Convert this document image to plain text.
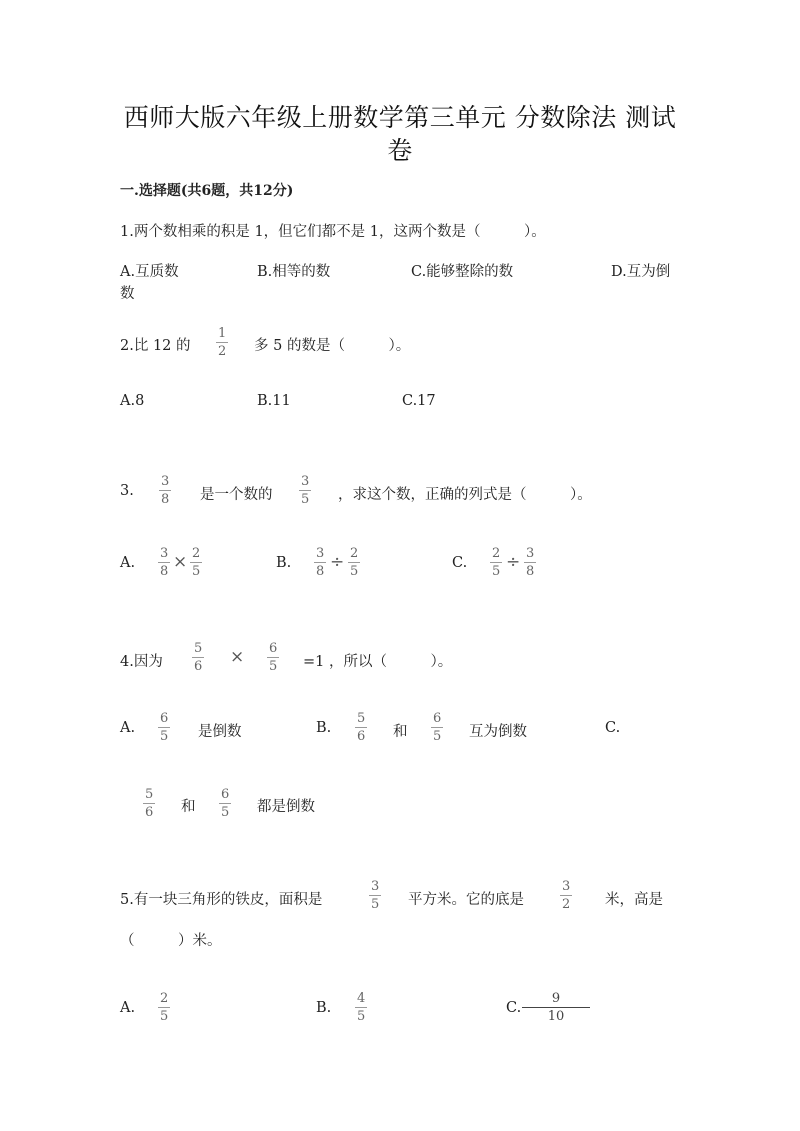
西师大版六年级上册数学第三单元 分数除法 测试
卷
一.选择题(共6题，共12分)
1.两个数相乘的积是 1，但它们都不是 1，这两个数是（　　　）。
A.互质数	B.相等的数	C.能够整除的数	D.互为倒
数
2.比 12 的
1
2 多 5 的数是（　　　）。
A.8	B.11	C.17
3.
3
8 是一个数的
3
5 ，求这个数，正确的列式是（　　　）。
A.
3
8 × 2
5
B.
3
8 ÷ 2
5
C.
2
5 ÷ 3
8
4.因为
5
6 × 6
5 =1 ，所以（　　　）。
A.
6
5 是倒数	B.
5
6 和
6
5 互为倒数	C.
5
6 和
6
5 都是倒数
5.有一块三角形的铁皮，面积是
3
5 平方米。它的底是
3
2 米，高是
（　　　）米。
A.
2
5
B.
4
5
C.
9
10
